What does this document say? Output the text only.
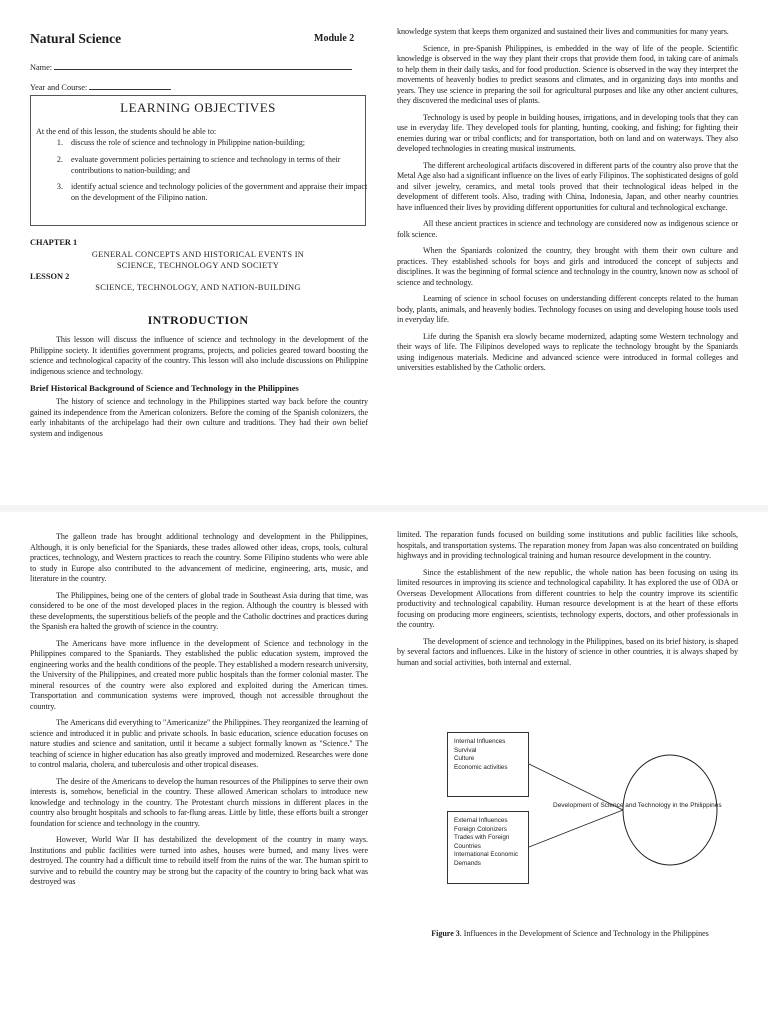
Natural Science	Module 2
Name:
Year and Course:
LEARNING OBJECTIVES
At the end of this lesson, the students should be able to:
1. discuss the role of science and technology in Philippine nation-building;
2. evaluate government policies pertaining to science and technology in terms of their contributions to nation-building; and
3. identify actual science and technology policies of the government and appraise their impact on the development of the Filipino nation.
CHAPTER 1
GENERAL CONCEPTS AND HISTORICAL EVENTS IN SCIENCE, TECHNOLOGY AND SOCIETY
LESSON 2
SCIENCE, TECHNOLOGY, AND NATION-BUILDING
INTRODUCTION

This lesson will discuss the influence of science and technology in the development of the Philippine society. It identifies government programs, projects, and policies geared toward boosting the science and technological capacity of the country. This lesson will also include discussions on Philippine indigenous science and technology.

Brief Historical Background of Science and Technology in the Philippines

The history of science and technology in the Philippines started way back before the country gained its independence from the American colonizers. Before the coming of the Spanish colonizers, the early inhabitants of the archipelago had their own culture and traditions. They had their own belief system and indigenous

knowledge system that keeps them organized and sustained their lives and communities for many years.

Science, in pre-Spanish Philippines, is embedded in the way of life of the people. Scientific knowledge is observed in the way they plant their crops that provide them food, in taking care of animals to help them in their daily tasks, and for food production. Science is observed in the way they interpret the movements of heavenly bodies to predict seasons and climates, and in organizing days into months and years. They use science in preparing the soil for agricultural purposes and like any other ancient cultures, they discovered the medicinal uses of plants.

Technology is used by people in building houses, irrigations, and in developing tools that they can use in everyday life. They developed tools for planting, hunting, cooking, and fishing; for fighting their enemies during war or tribal conflicts; and for transportation, both on land and on waterways. They also developed technologies in creating musical instruments.

The different archeological artifacts discovered in different parts of the country also prove that the Metal Age also had a significant influence on the lives of early Filipinos. The sophisticated designs of gold and silver jewelry, ceramics, and metal tools proved that their technological ideas helped in the development of different tools. Also, trading with China, Indonesia, Japan, and other nearby countries have influenced their lives by providing different opportunities for cultural and technological exchange.

All these ancient practices in science and technology are considered now as indigenous science or folk science.

When the Spaniards colonized the country, they brought with them their own culture and practices. They established schools for boys and girls and introduced the concept of subjects and disciplines. It was the beginning of formal science and technology in the country, known now as school of science and technology.

Learning of science in school focuses on understanding different concepts related to the human body, plants, animals, and heavenly bodies. Technology focuses on using and developing house tools used in everyday life.

Life during the Spanish era slowly became modernized, adapting some Western technology and their ways of life. The Filipinos developed ways to replicate the technology brought by the Spaniards using indigenous materials. Medicine and advanced science were introduced in formal colleges and universities established by the Catholic orders.

The galleon trade has brought additional technology and development in the Philippines, Although, it is only beneficial for the Spaniards, these trades allowed other ideas, crops, tools, cultural practices, technology, and Western practices to reach the country. Some Filipino students who were able to study in Europe also contributed to the advancement of medicine, engineering, arts, music, and literature in the country.

The Philippines, being one of the centers of global trade in Southeast Asia during that time, was considered to be one of the most developed places in the region. Although the country is blessed with these developments, the superstitious beliefs of the people and the Catholic doctrines and practices during the Spanish era halted the growth of science in the country.

The Americans have more influence in the development of Science and technology in the Philippines compared to the Spaniards. They established the public education system, improved the engineering works and the health conditions of the people. They established a modern research university, the University of the Philippines, and created more public hospitals than the former colonial master. The mineral resources of the country were also explored and exploited during the American times. Transportation and communication systems were improved, though not accessible throughout the country.

The Americans did everything to "Americanize" the Philippines. They reorganized the learning of science and introduced it in public and private schools. In basic education, science education focuses on nature studies and science and sanitation, until it became a subject formally known as "Science." The teaching of science in higher education has also greatly improved and modernized. Researches were done to control malaria, cholera, and tuberculosis and other tropical diseases.

The desire of the Americans to develop the human resources of the Philippines to serve their own interests is, somehow, beneficial in the country. These allowed American scholars to introduce new knowledge and technology in the country. The Protestant church missions in different places in the country also brought hospitals and schools to far-flung areas. Little by little, these efforts built a stronger foundation for science and technology in the country.

However, World War II has destabilized the development of the country in many ways. Institutions and public facilities were turned into ashes, houses were burned, and many lives were destroyed. The country had a difficult time to rebuild itself from the ruins of the war. The human spirit to survive and to rebuild the country may be strong but the capacity of the country to bring back what was destroyed was

limited. The reparation funds focused on building some institutions and public facilities like schools, hospitals, and transportation systems. The reparation money from Japan was also concentrated on building highways and in providing technological training and human resource development in the country.

Since the establishment of the new republic, the whole nation has been focusing on using its limited resources in improving its science and technological capability. It has explored the use of ODA or Overseas Development Allocations from different countries to help the country improve its scientific productivity and technological capability. Human resource development is at the heart of these efforts focusing on producing more engineers, scientists, technology experts, doctors, and other professionals in the country.

The development of science and technology in the Philippines, based on its brief history, is shaped by several factors and influences. Like in the history of science in other countries, it is always shaped by human and social activities, both internal and external.

Internal Influences
Survival
Culture
Economic activities
External Influences
Foreign Colonizers
Trades with Foreign Countries
International Economic Demands
Development of Science and Technology in the Philippines
Figure 3. Influences in the Development of Science and Technology in the Philippines
